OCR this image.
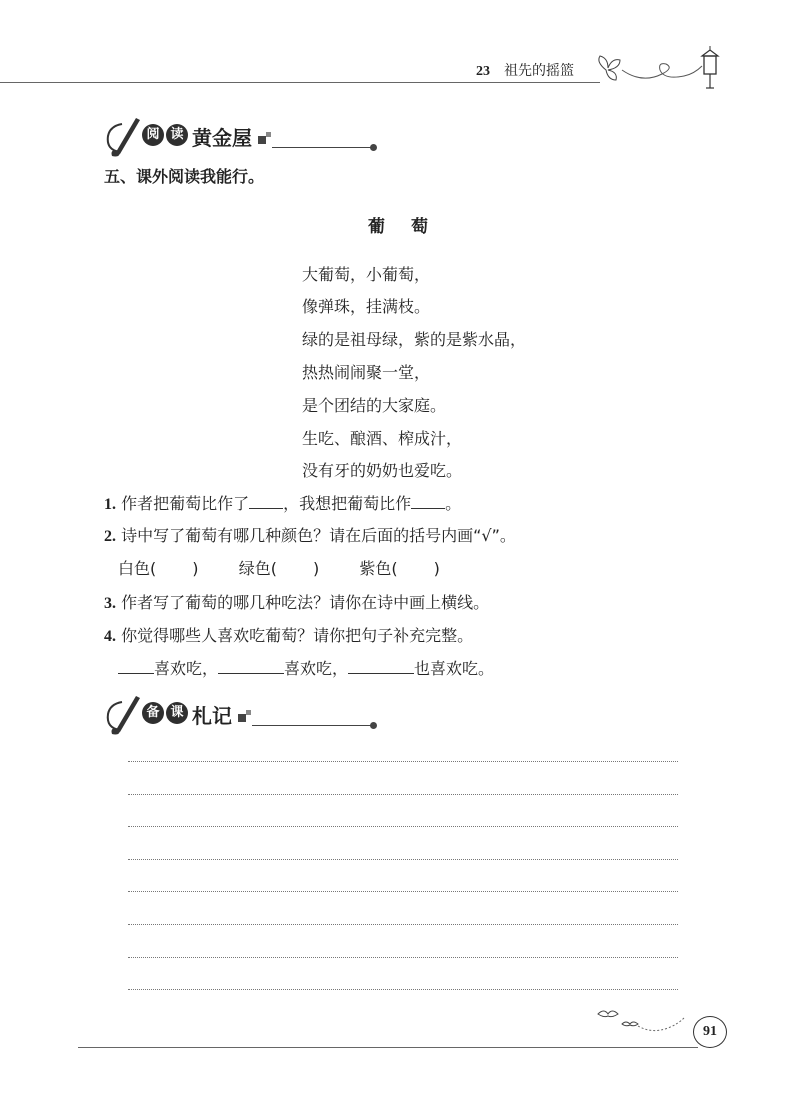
23 祖先的摇篮
阅 读 黄金屋
五、课外阅读我能行。
葡萄
大葡萄，小葡萄，
像弹珠，挂满枝。
绿的是祖母绿，紫的是紫水晶，
热热闹闹聚一堂，
是个团结的大家庭。
生吃、酿酒、榨成汁，
没有牙的奶奶也爱吃。
1. 作者把葡萄比作了 ，我想把葡萄比作 。
2. 诗中写了葡萄有哪几种颜色？请在后面的括号内画“√”。
白色( )	绿色( )	紫色( )
3. 作者写了葡萄的哪几种吃法？请你在诗中画上横线。
4. 你觉得哪些人喜欢吃葡萄？请你把句子补充完整。
喜欢吃，	喜欢吃，	也喜欢吃。
备 课 札记
91
